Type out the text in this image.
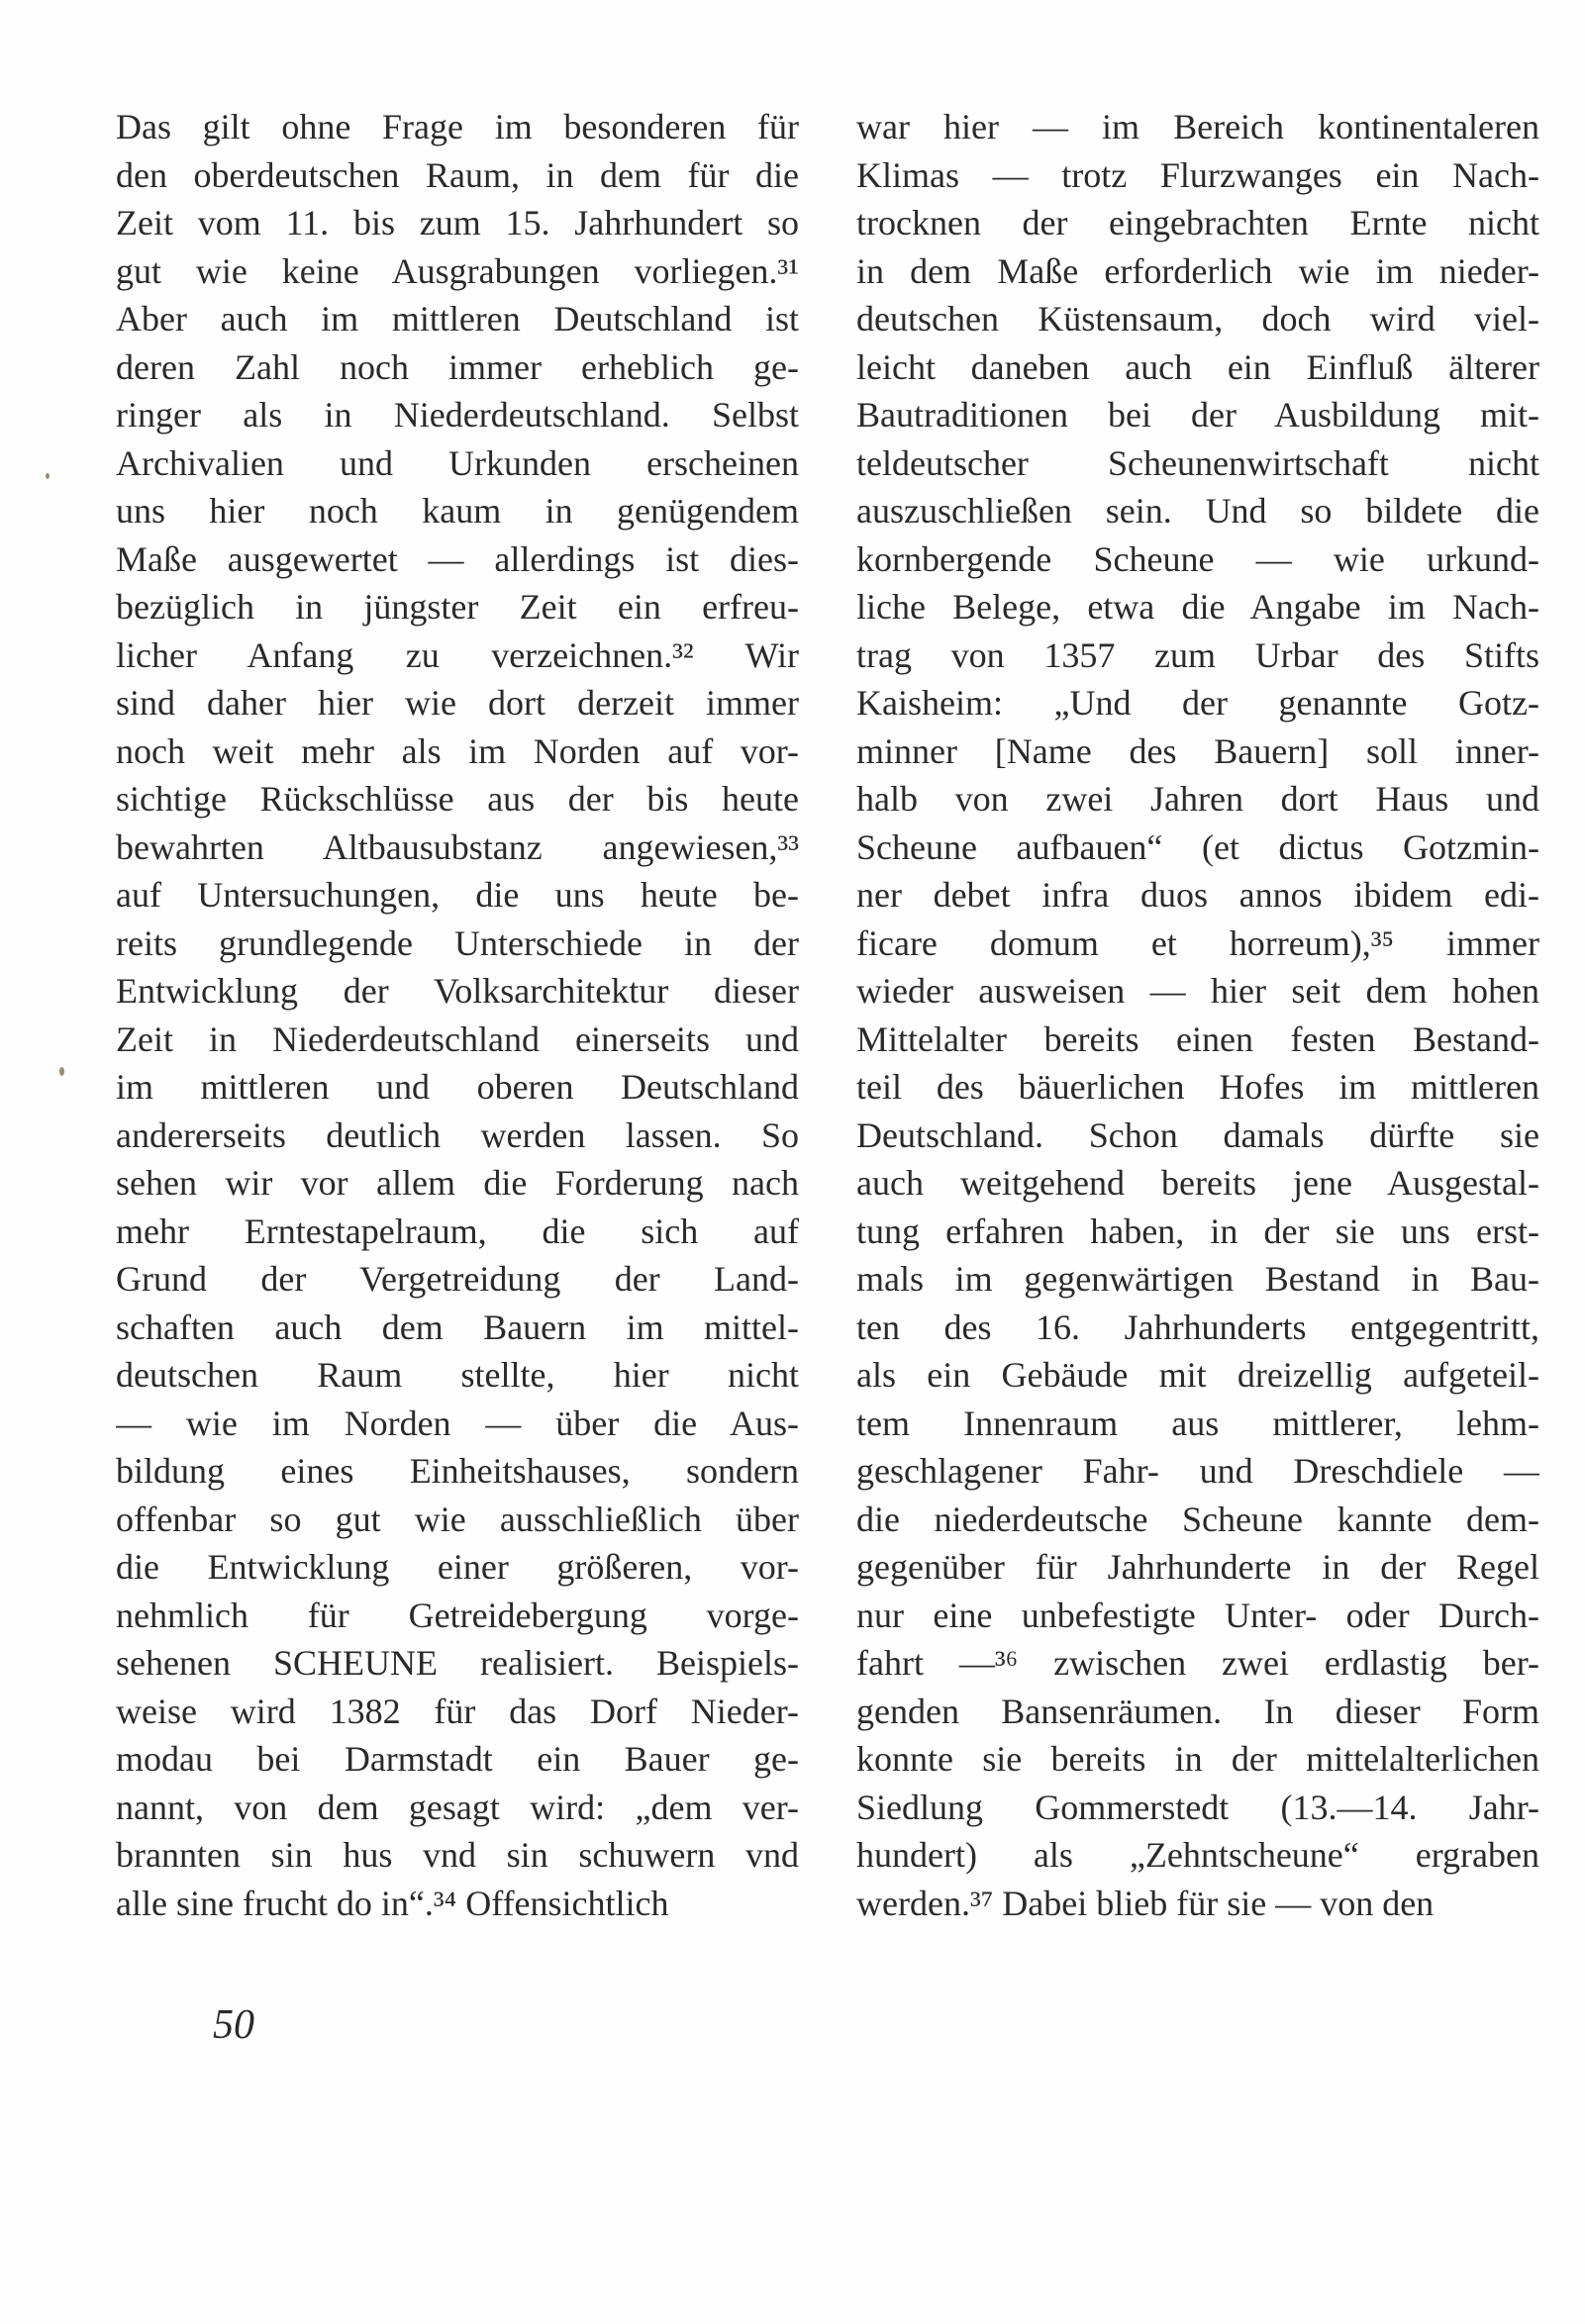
Das gilt ohne Frage im besonderen für
den oberdeutschen Raum, in dem für die
Zeit vom 11. bis zum 15. Jahrhundert so
gut wie keine Ausgrabungen vorliegen.³¹
Aber auch im mittleren Deutschland ist
deren Zahl noch immer erheblich ge-
ringer als in Niederdeutschland. Selbst
Archivalien und Urkunden erscheinen
uns hier noch kaum in genügendem
Maße ausgewertet — allerdings ist dies-
bezüglich in jüngster Zeit ein erfreu-
licher Anfang zu verzeichnen.³² Wir
sind daher hier wie dort derzeit immer
noch weit mehr als im Norden auf vor-
sichtige Rückschlüsse aus der bis heute
bewahrten Altbausubstanz angewiesen,³³
auf Untersuchungen, die uns heute be-
reits grundlegende Unterschiede in der
Entwicklung der Volksarchitektur dieser
Zeit in Niederdeutschland einerseits und
im mittleren und oberen Deutschland
andererseits deutlich werden lassen. So
sehen wir vor allem die Forderung nach
mehr Erntestapelraum, die sich auf
Grund der Vergetreidung der Land-
schaften auch dem Bauern im mittel-
deutschen Raum stellte, hier nicht
— wie im Norden — über die Aus-
bildung eines Einheitshauses, sondern
offenbar so gut wie ausschließlich über
die Entwicklung einer größeren, vor-
nehmlich für Getreidebergung vorge-
sehenen SCHEUNE realisiert. Beispiels-
weise wird 1382 für das Dorf Nieder-
modau bei Darmstadt ein Bauer ge-
nannt, von dem gesagt wird: „dem ver-
brannten sin hus vnd sin schuwern vnd
alle sine frucht do in“.³⁴ Offensichtlich
war hier — im Bereich kontinentaleren
Klimas — trotz Flurzwanges ein Nach-
trocknen der eingebrachten Ernte nicht
in dem Maße erforderlich wie im nieder-
deutschen Küstensaum, doch wird viel-
leicht daneben auch ein Einfluß älterer
Bautraditionen bei der Ausbildung mit-
teldeutscher Scheunenwirtschaft nicht
auszuschließen sein. Und so bildete die
kornbergende Scheune — wie urkund-
liche Belege, etwa die Angabe im Nach-
trag von 1357 zum Urbar des Stifts
Kaisheim: „Und der genannte Gotz-
minner [Name des Bauern] soll inner-
halb von zwei Jahren dort Haus und
Scheune aufbauen“ (et dictus Gotzmin-
ner debet infra duos annos ibidem edi-
ficare domum et horreum),³⁵ immer
wieder ausweisen — hier seit dem hohen
Mittelalter bereits einen festen Bestand-
teil des bäuerlichen Hofes im mittleren
Deutschland. Schon damals dürfte sie
auch weitgehend bereits jene Ausgestal-
tung erfahren haben, in der sie uns erst-
mals im gegenwärtigen Bestand in Bau-
ten des 16. Jahrhunderts entgegentritt,
als ein Gebäude mit dreizellig aufgeteil-
tem Innenraum aus mittlerer, lehm-
geschlagener Fahr- und Dreschdiele —
die niederdeutsche Scheune kannte dem-
gegenüber für Jahrhunderte in der Regel
nur eine unbefestigte Unter- oder Durch-
fahrt —³⁶ zwischen zwei erdlastig ber-
genden Bansenräumen. In dieser Form
konnte sie bereits in der mittelalterlichen
Siedlung Gommerstedt (13.—14. Jahr-
hundert) als „Zehntscheune“ ergraben
werden.³⁷ Dabei blieb für sie — von den
50
